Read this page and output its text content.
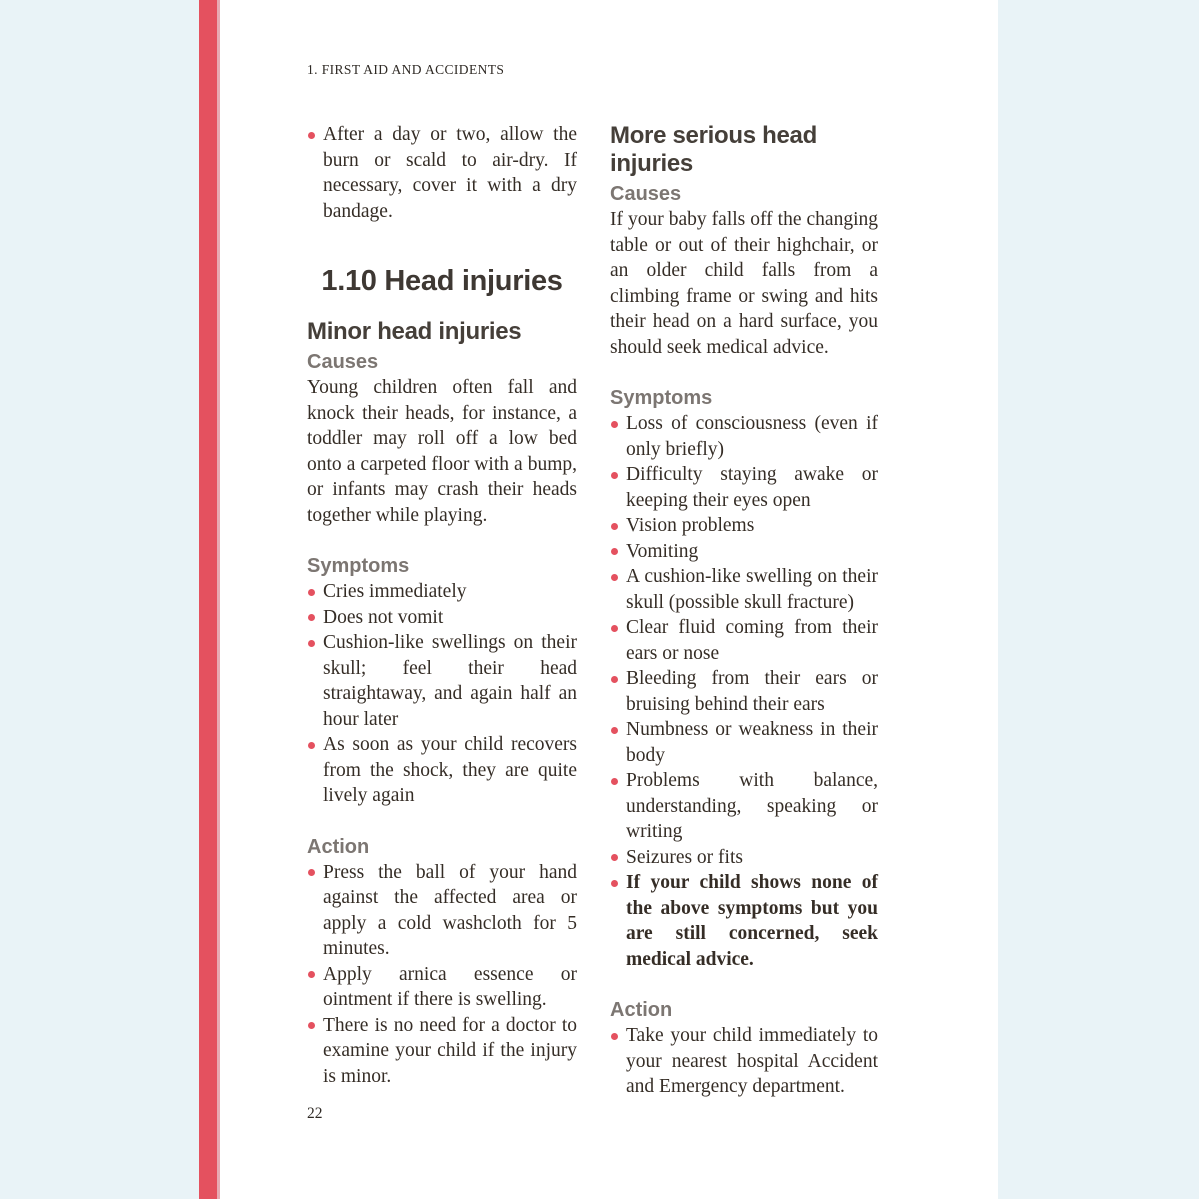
1. FIRST AID AND ACCIDENTS
After a day or two, allow the burn or scald to air-dry. If necessary, cover it with a dry bandage.
1.10 Head injuries
Minor head injuries
Causes

Young children often fall and knock their heads, for instance, a toddler may roll off a low bed onto a carpeted floor with a bump, or infants may crash their heads together while playing.

Symptoms
Cries immediately
Does not vomit
Cushion-like swellings on their skull; feel their head straightaway, and again half an hour later
As soon as your child recovers from the shock, they are quite lively again
Action
Press the ball of your hand against the affected area or apply a cold washcloth for 5 minutes.
Apply arnica essence or ointment if there is swelling.
There is no need for a doctor to examine your child if the injury is minor.
More serious head injuries
Causes

If your baby falls off the changing table or out of their highchair, or an older child falls from a climbing frame or swing and hits their head on a hard surface, you should seek medical advice.

Symptoms
Loss of consciousness (even if only briefly)
Difficulty staying awake or keeping their eyes open
Vision problems
Vomiting
A cushion-like swelling on their skull (possible skull fracture)
Clear fluid coming from their ears or nose
Bleeding from their ears or bruising behind their ears
Numbness or weakness in their body
Problems with balance, understanding, speaking or writing
Seizures or fits
If your child shows none of the above symptoms but you are still concerned, seek medical advice.
Action
Take your child immediately to your nearest hospital Accident and Emergency department.
22
